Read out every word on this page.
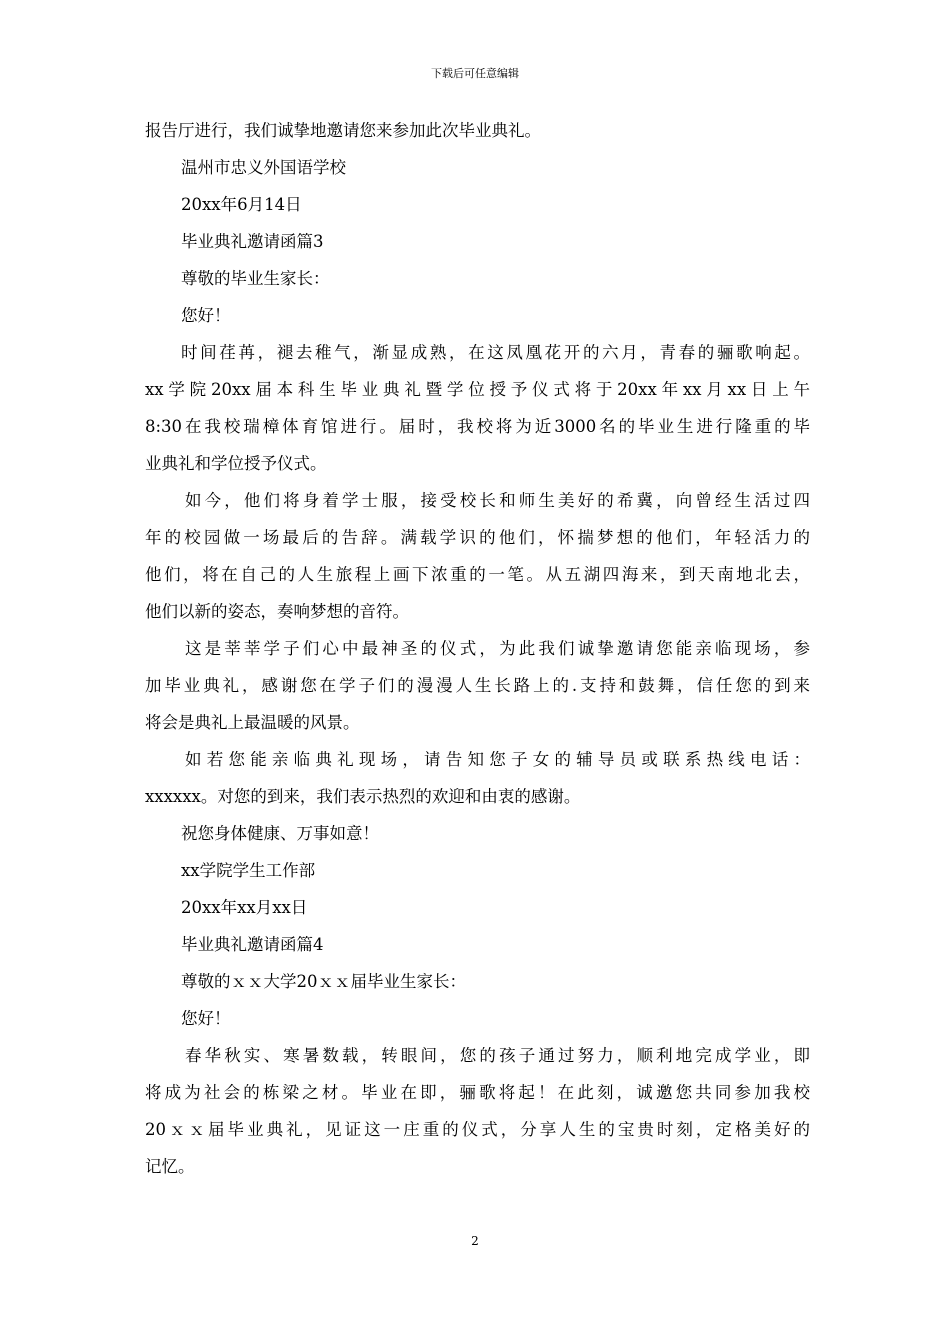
下载后可任意编辑
报告厅进行，我们诚挚地邀请您来参加此次毕业典礼。
温州市忠义外国语学校
20xx年6月14日
毕业典礼邀请函篇3
尊敬的毕业生家长：
您好！
时间荏苒，褪去稚气，渐显成熟，在这凤凰花开的六月，青春的骊歌响起。
xx学院20xx届本科生毕业典礼暨学位授予仪式将于20xx年xx月xx日上午
8:30在我校瑞樟体育馆进行。届时，我校将为近3000名的毕业生进行隆重的毕
业典礼和学位授予仪式。
如今，他们将身着学士服，接受校长和师生美好的希冀，向曾经生活过四
年的校园做一场最后的告辞。满载学识的他们，怀揣梦想的他们，年轻活力的
他们，将在自己的人生旅程上画下浓重的一笔。从五湖四海来，到天南地北去，
他们以新的姿态，奏响梦想的音符。
这是莘莘学子们心中最神圣的仪式，为此我们诚挚邀请您能亲临现场，参
加毕业典礼，感谢您在学子们的漫漫人生长路上的.支持和鼓舞，信任您的到来
将会是典礼上最温暖的风景。
如若您能亲临典礼现场，请告知您子女的辅导员或联系热线电话：
xxxxxx。对您的到来，我们表示热烈的欢迎和由衷的感谢。
祝您身体健康、万事如意！
xx学院学生工作部
20xx年xx月xx日
毕业典礼邀请函篇4
尊敬的ｘｘ大学20ｘｘ届毕业生家长：
您好！
春华秋实、寒暑数载，转眼间，您的孩子通过努力，顺利地完成学业，即
将成为社会的栋梁之材。毕业在即，骊歌将起！在此刻，诚邀您共同参加我校
20ｘｘ届毕业典礼，见证这一庄重的仪式，分享人生的宝贵时刻，定格美好的
记忆。
2
